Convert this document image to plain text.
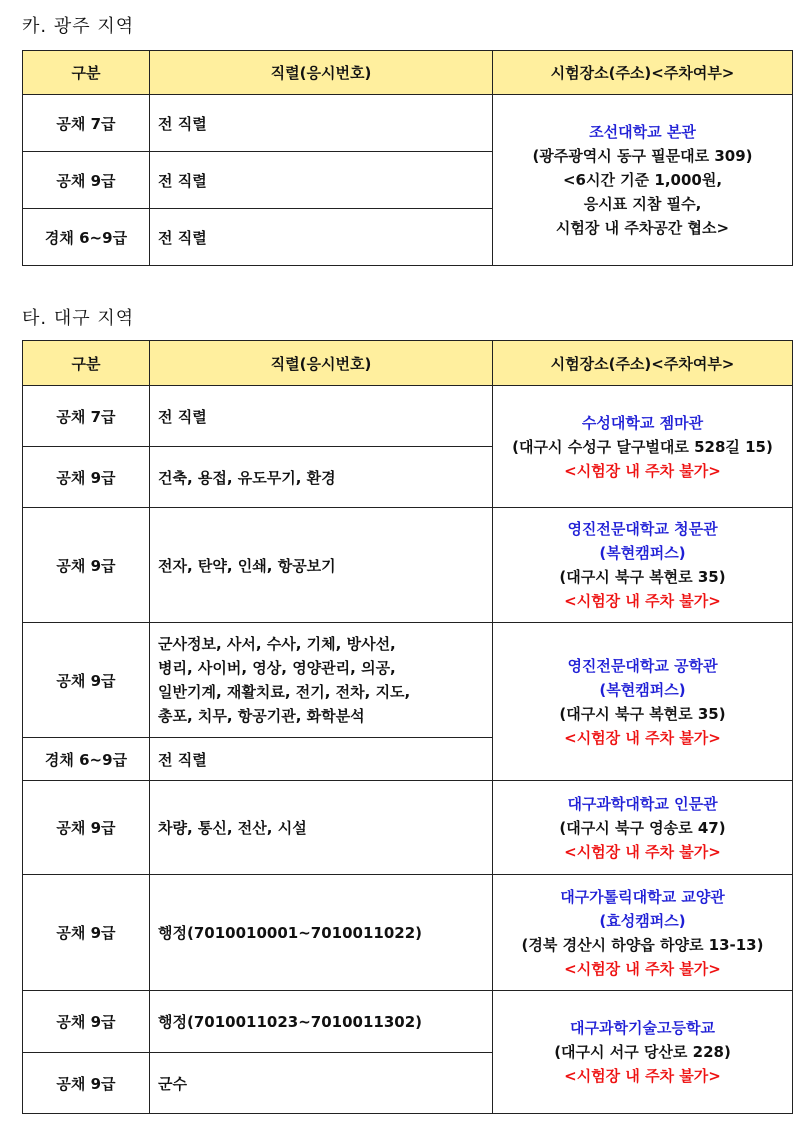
카. 광주 지역
구분	직렬(응시번호)	시험장소(주소)<주차여부>
공채 7급	전 직렬	조선대학교 본관
(광주광역시 동구 필문대로 309)
<6시간 기준 1,000원,
응시표 지참 필수,
시험장 내 주차공간 협소>

공채 9급	전 직렬	
경채 6~9급	전 직렬	
타. 대구 지역
구분	직렬(응시번호)	시험장소(주소)<주차여부>
공채 7급	전 직렬	수성대학교 젬마관
(대구시 수성구 달구벌대로 528길 15)
<시험장 내 주차 불가>

공채 9급	건축, 용접, 유도무기, 환경	
공채 9급	전자, 탄약, 인쇄, 항공보기	영진전문대학교 청문관
(복현캠퍼스)
(대구시 북구 복현로 35)
<시험장 내 주차 불가>

공채 9급	군사정보, 사서, 수사, 기체, 방사선,
병리, 사이버, 영상, 영양관리, 의공,
일반기계, 재활치료, 전기, 전차, 지도,
총포, 치무, 항공기관, 화학분석	영진전문대학교 공학관
(복현캠퍼스)
(대구시 북구 복현로 35)
<시험장 내 주차 불가>

경채 6~9급	전 직렬	
공채 9급	차량, 통신, 전산, 시설	대구과학대학교 인문관
(대구시 북구 영송로 47)
<시험장 내 주차 불가>

공채 9급	행정(7010010001~7010011022)	대구가톨릭대학교 교양관
(효성캠퍼스)
(경북 경산시 하양읍 하양로 13-13)
<시험장 내 주차 불가>

공채 9급	행정(7010011023~7010011302)	대구과학기술고등학교
(대구시 서구 당산로 228)
<시험장 내 주차 불가>

공채 9급	군수	
